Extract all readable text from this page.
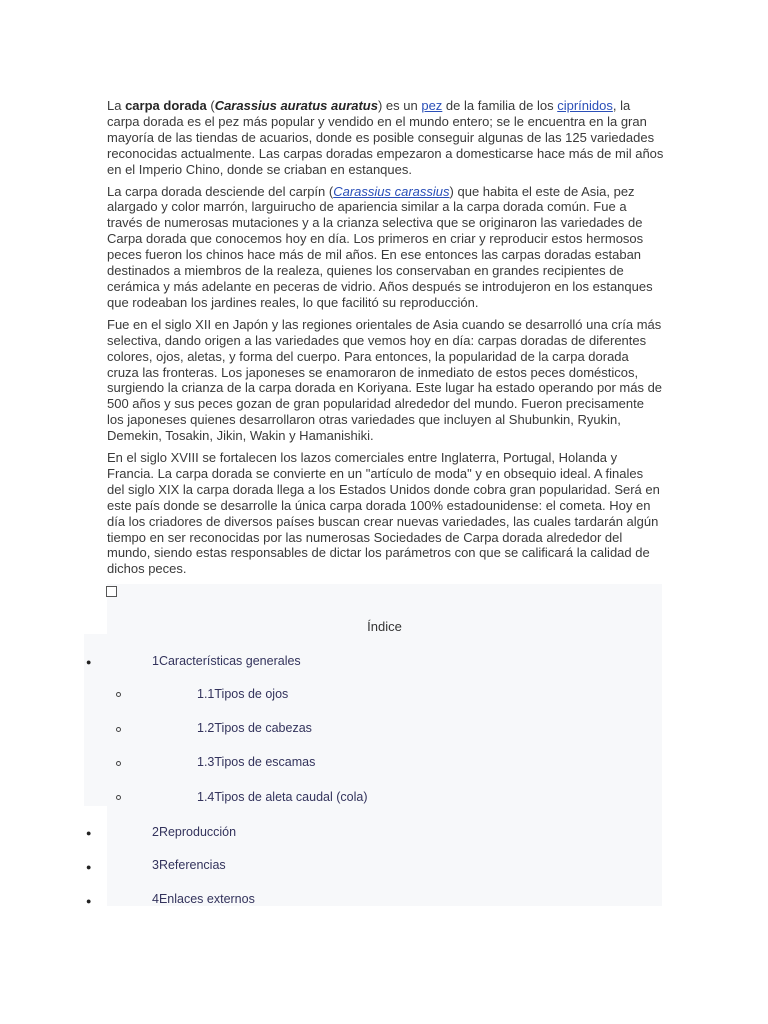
La carpa dorada (Carassius auratus auratus) es un pez de la familia de los ciprínidos, la carpa dorada es el pez más popular y vendido en el mundo entero; se le encuentra en la gran mayoría de las tiendas de acuarios, donde es posible conseguir algunas de las 125 variedades reconocidas actualmente. Las carpas doradas empezaron a domesticarse hace más de mil años en el Imperio Chino, donde se criaban en estanques.

La carpa dorada desciende del carpín (Carassius carassius) que habita el este de Asia, pez alargado y color marrón, larguirucho de apariencia similar a la carpa dorada común. Fue a través de numerosas mutaciones y a la crianza selectiva que se originaron las variedades de Carpa dorada que conocemos hoy en día. Los primeros en criar y reproducir estos hermosos peces fueron los chinos hace más de mil años. En ese entonces las carpas doradas estaban destinados a miembros de la realeza, quienes los conservaban en grandes recipientes de cerámica y más adelante en peceras de vidrio. Años después se introdujeron en los estanques que rodeaban los jardines reales, lo que facilitó su reproducción.

Fue en el siglo XII en Japón y las regiones orientales de Asia cuando se desarrolló una cría más selectiva, dando origen a las variedades que vemos hoy en día: carpas doradas de diferentes colores, ojos, aletas, y forma del cuerpo. Para entonces, la popularidad de la carpa dorada cruza las fronteras. Los japoneses se enamoraron de inmediato de estos peces domésticos, surgiendo la crianza de la carpa dorada en Koriyana. Este lugar ha estado operando por más de 500 años y sus peces gozan de gran popularidad alrededor del mundo. Fueron precisamente los japoneses quienes desarrollaron otras variedades que incluyen al Shubunkin, Ryukin, Demekin, Tosakin, Jikin, Wakin y Hamanishiki.

En el siglo XVIII se fortalecen los lazos comerciales entre Inglaterra, Portugal, Holanda y Francia. La carpa dorada se convierte en un "artículo de moda" y en obsequio ideal. A finales del siglo XIX la carpa dorada llega a los Estados Unidos donde cobra gran popularidad. Será en este país donde se desarrolle la única carpa dorada 100% estadounidense: el cometa. Hoy en día los criadores de diversos países buscan crear nuevas variedades, las cuales tardarán algún tiempo en ser reconocidas por las numerosas Sociedades de Carpa dorada alrededor del mundo, siendo estas responsables de dictar los parámetros con que se calificará la calidad de dichos peces.

Índice
●	1Características generales
1.1Tipos de ojos
1.2Tipos de cabezas
1.3Tipos de escamas
1.4Tipos de aleta caudal (cola)
●	2Reproducción
●	3Referencias
●	4Enlaces externos
